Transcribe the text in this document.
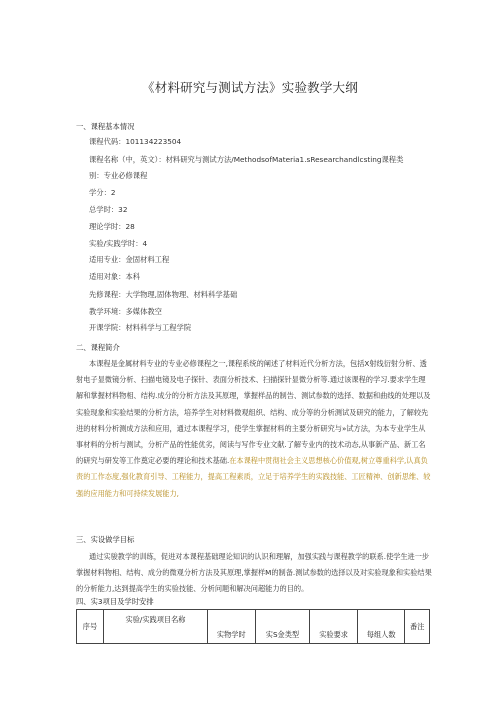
《材料研究与测试方法》实验教学大纲
一、课程基本情况
课程代码：101134223504
课程名称（中，英文）：材料研究与测试方法/MethodsofMateria1.sResearchandlcsting课程类
别：专业必修课程
学分：2
总学时：32
理论学时：28
实验/实践学时：4
适用专业：金固材料工程
适用对象：本科
先修课程：大学物理,固体物理、材料科学基础
教学环境：多媒体教空
开课学院：材料科学与工程学院
二、课程简介

本课程是金属材料专业的专业必修课程之一,课程系统的阐述了材料近代分析方法，包括X射线衍射分析、透射电子显微镜分析、扫描电镜及电子探针、表面分析技术、扫描探针显微分析等.通过该课程的学习.要求学生理解和掌握材料物相、结构.成分的分析方法及其原理，掌握样品的制告、测试参数的选择、数据和曲线的处理以及实验现象和实验结果的分析方法，培养学生对材料微观组织、结构、成分等的分析测试及研究的能力，了解较先进的材料分析测成方法和应用，通过本课程学习，使学生掌握材料的主要分析研究与»试方法，为本专业学生从事材料的分析与测试，分析产品的性能优劣，阅读与写作专业文献.了解专业内的技术动态,从事新产品、新工名的研究与研发等工作奠定必要的理论和技术基础.在本课程中贯彻社会主义思想核心价值观,树立尊重科学,认真负责的工作态度,强化教育引导、工程能力，提高工程素质，立足于培养学生的实践技能、工匠精神、创新思维、较强的应用能力和可持续发展能力,

三、实设做学目标

通过实骏教学的训练，促进对本课程基础理论知识的认识和理解，加强实践与课程教学的联系.使学生进一步掌握材料物相、结构、成分的微观分析方法及其原理,掌握样M的制备.测试参数的选择以及对实验现象和实验结果的分析能力,达到提高学生的实验技能、分析问题和解决问超能力的目的。

四、实3项目及学时安排
序号	实验/实践项目名称	实物学时	实S金类型	实验要求	每组人数	番注
